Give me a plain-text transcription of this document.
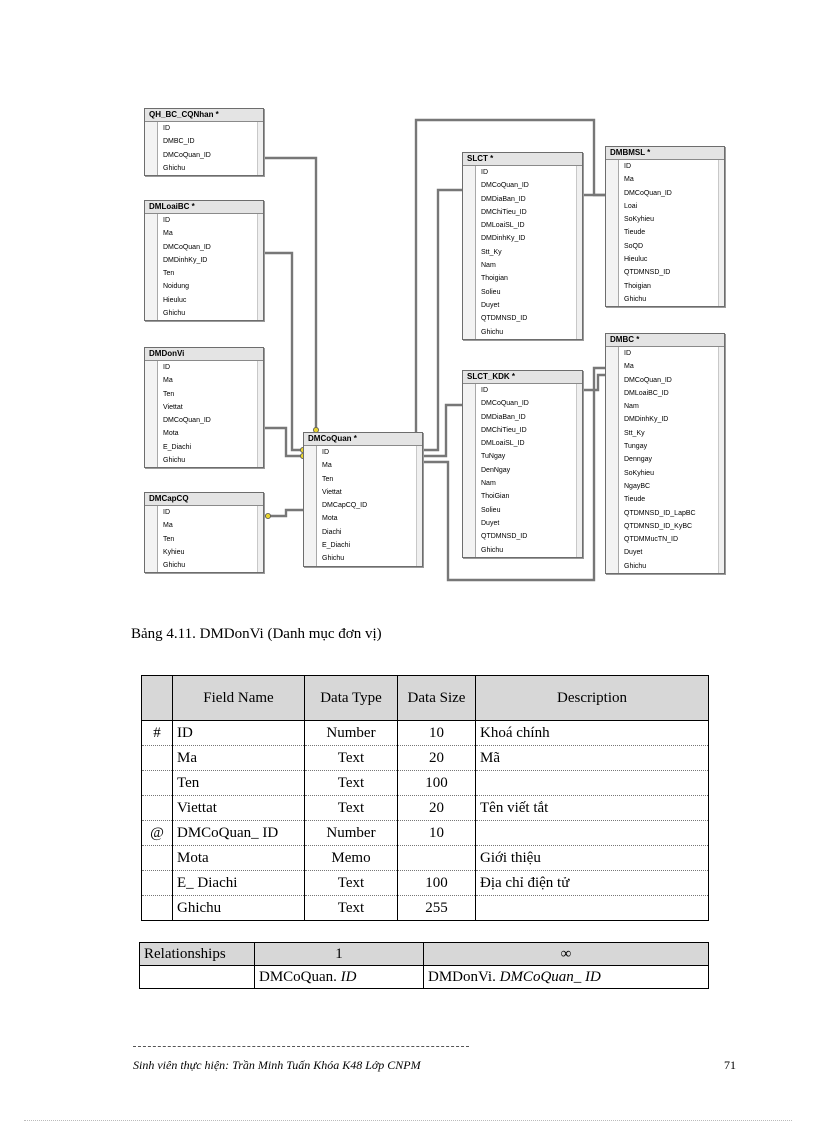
QH_BC_CQNhan *
ID
DMBC_ID
DMCoQuan_ID
Ghichu
DMLoaiBC *
ID
Ma
DMCoQuan_ID
DMDinhKy_ID
Ten
Noidung
Hieuluc
Ghichu
DMDonVi
ID
Ma
Ten
Viettat
DMCoQuan_ID
Mota
E_Diachi
Ghichu
DMCapCQ
ID
Ma
Ten
Kyhieu
Ghichu
DMCoQuan *
ID
Ma
Ten
Viettat
DMCapCQ_ID
Mota
Diachi
E_Diachi
Ghichu
SLCT *
ID
DMCoQuan_ID
DMDiaBan_ID
DMChiTieu_ID
DMLoaiSL_ID
DMDinhKy_ID
Stt_Ky
Nam
Thoigian
Solieu
Duyet
QTDMNSD_ID
Ghichu
SLCT_KDK *
ID
DMCoQuan_ID
DMDiaBan_ID
DMChiTieu_ID
DMLoaiSL_ID
TuNgay
DenNgay
Nam
ThoiGian
Solieu
Duyet
QTDMNSD_ID
Ghichu
DMBMSL *
ID
Ma
DMCoQuan_ID
Loai
SoKyhieu
Tieude
SoQD
Hieuluc
QTDMNSD_ID
Thoigian
Ghichu
DMBC *
ID
Ma
DMCoQuan_ID
DMLoaiBC_ID
Nam
DMDinhKy_ID
Stt_Ky
Tungay
Denngay
SoKyhieu
NgayBC
Tieude
QTDMNSD_ID_LapBC
QTDMNSD_ID_KyBC
QTDMMucTN_ID
Duyet
Ghichu
Bảng 4.11. DMDonVi (Danh mục đơn vị)
	Field Name	Data Type	Data Size	Description
#	ID	Number	10	Khoá chính
	Ma	Text	20	Mã
	Ten	Text	100	
	Viettat	Text	20	Tên viết tắt
@	DMCoQuan_ ID	Number	10	
	Mota	Memo		Giới thiệu
	E_ Diachi	Text	100	Địa chỉ điện tử
	Ghichu	Text	255	
Relationships	1	∞
	DMCoQuan. ID	DMDonVi. DMCoQuan_ ID
Sinh viên thực hiện: Trần Minh Tuấn Khóa K48 Lớp CNPM	71
